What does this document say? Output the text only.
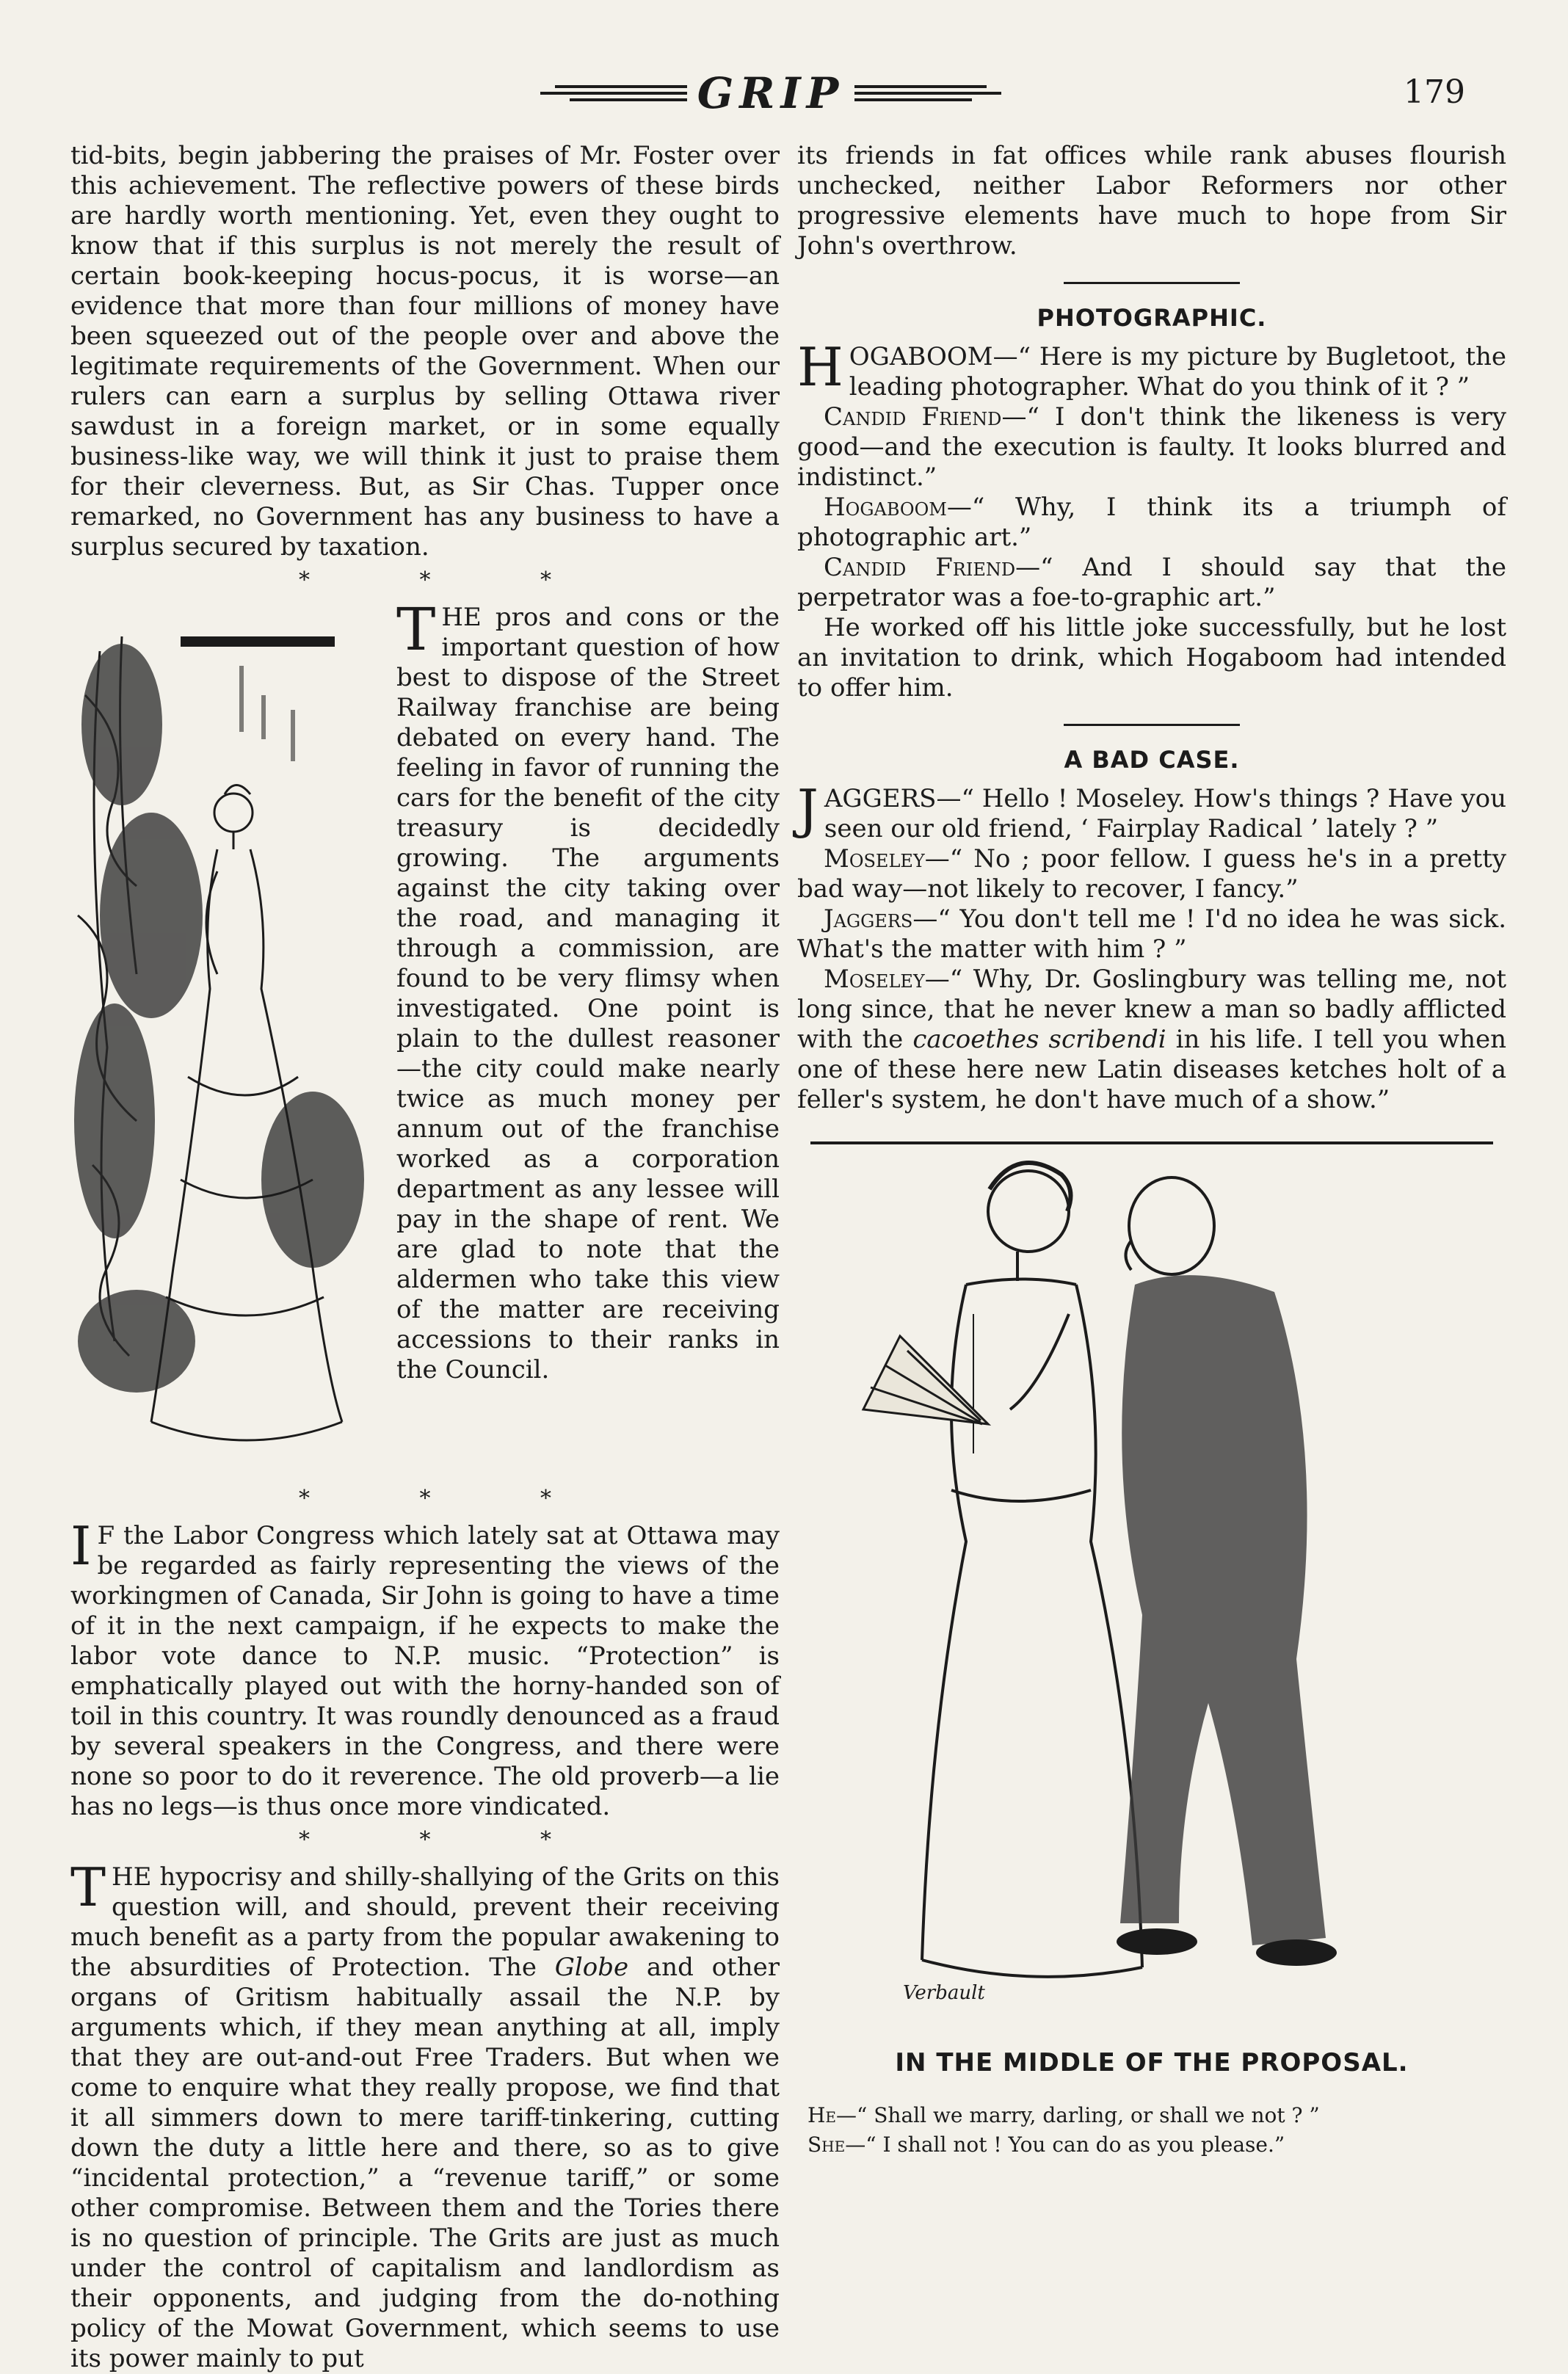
GRIP	179

tid-bits, begin jabbering the praises of Mr. Foster over this achievement. The reflective powers of these birds are hardly worth mentioning. Yet, even they ought to know that if this surplus is not merely the result of certain book-keeping hocus-pocus, it is worse—an evidence that more than four millions of money have been squeezed out of the people over and above the legitimate requirements of the Government. When our rulers can earn a surplus by selling Ottawa river sawdust in a foreign market, or in some equally business-like way, we will think it just to praise them for their cleverness. But, as Sir Chas. Tupper once remarked, no Government has any business to have a surplus secured by taxation.

* * *

THE pros and cons or the important question of how best to dispose of the Street Railway franchise are being debated on every hand. The feeling in favor of running the cars for the benefit of the city treasury is decidedly growing. The arguments against the city taking over the road, and managing it through a commission, are found to be very flimsy when investigated. One point is plain to the dullest reasoner—the city could make nearly twice as much money per annum out of the franchise worked as a corporation department as any lessee will pay in the shape of rent. We are glad to note that the aldermen who take this view of the matter are receiving accessions to their ranks in the Council.

* * *

I F the Labor Congress which lately sat at Ottawa may be regarded as fairly representing the views of the workingmen of Canada, Sir John is going to have a time of it in the next campaign, if he expects to make the labor vote dance to N.P. music. “Protection” is emphatically played out with the horny-handed son of toil in this country. It was roundly denounced as a fraud by several speakers in the Congress, and there were none so poor to do it reverence. The old proverb—a lie has no legs—is thus once more vindicated.

* * *

THE hypocrisy and shilly-shallying of the Grits on this question will, and should, prevent their receiving much benefit as a party from the popular awakening to the absurdities of Protection. The Globe and other organs of Gritism habitually assail the N.P. by arguments which, if they mean anything at all, imply that they are out-and-out Free Traders. But when we come to enquire what they really propose, we find that it all simmers down to mere tariff-tinkering, cutting down the duty a little here and there, so as to give “incidental protection,” a “revenue tariff,” or some other compromise. Between them and the Tories there is no question of principle. The Grits are just as much under the control of capitalism and landlordism as their opponents, and judging from the do-nothing policy of the Mowat Government, which seems to use its power mainly to put

its friends in fat offices while rank abuses flourish unchecked, neither Labor Reformers nor other progressive elements have much to hope from Sir John's overthrow.

PHOTOGRAPHIC.

HOGABOOM—“ Here is my picture by Bugletoot, the leading photographer. What do you think of it ? ”

Candid Friend—“ I don't think the likeness is very good—and the execution is faulty. It looks blurred and indistinct.”

Hogaboom—“ Why, I think its a triumph of photographic art.”

Candid Friend—“ And I should say that the perpetrator was a foe-to-graphic art.”

He worked off his little joke successfully, but he lost an invitation to drink, which Hogaboom had intended to offer him.

A BAD CASE.

JAGGERS—“ Hello ! Moseley. How's things ? Have you seen our old friend, ‘ Fairplay Radical ’ lately ? ”

Moseley—“ No ; poor fellow. I guess he's in a pretty bad way—not likely to recover, I fancy.”

Jaggers—“ You don't tell me ! I'd no idea he was sick. What's the matter with him ? ”

Moseley—“ Why, Dr. Goslingbury was telling me, not long since, that he never knew a man so badly afflicted with the cacoethes scribendi in his life. I tell you when one of these here new Latin diseases ketches holt of a feller's system, he don't have much of a show.”

IN THE MIDDLE OF THE PROPOSAL.

He—“ Shall we marry, darling, or shall we not ? ”

She—“ I shall not ! You can do as you please.”

Verbault
